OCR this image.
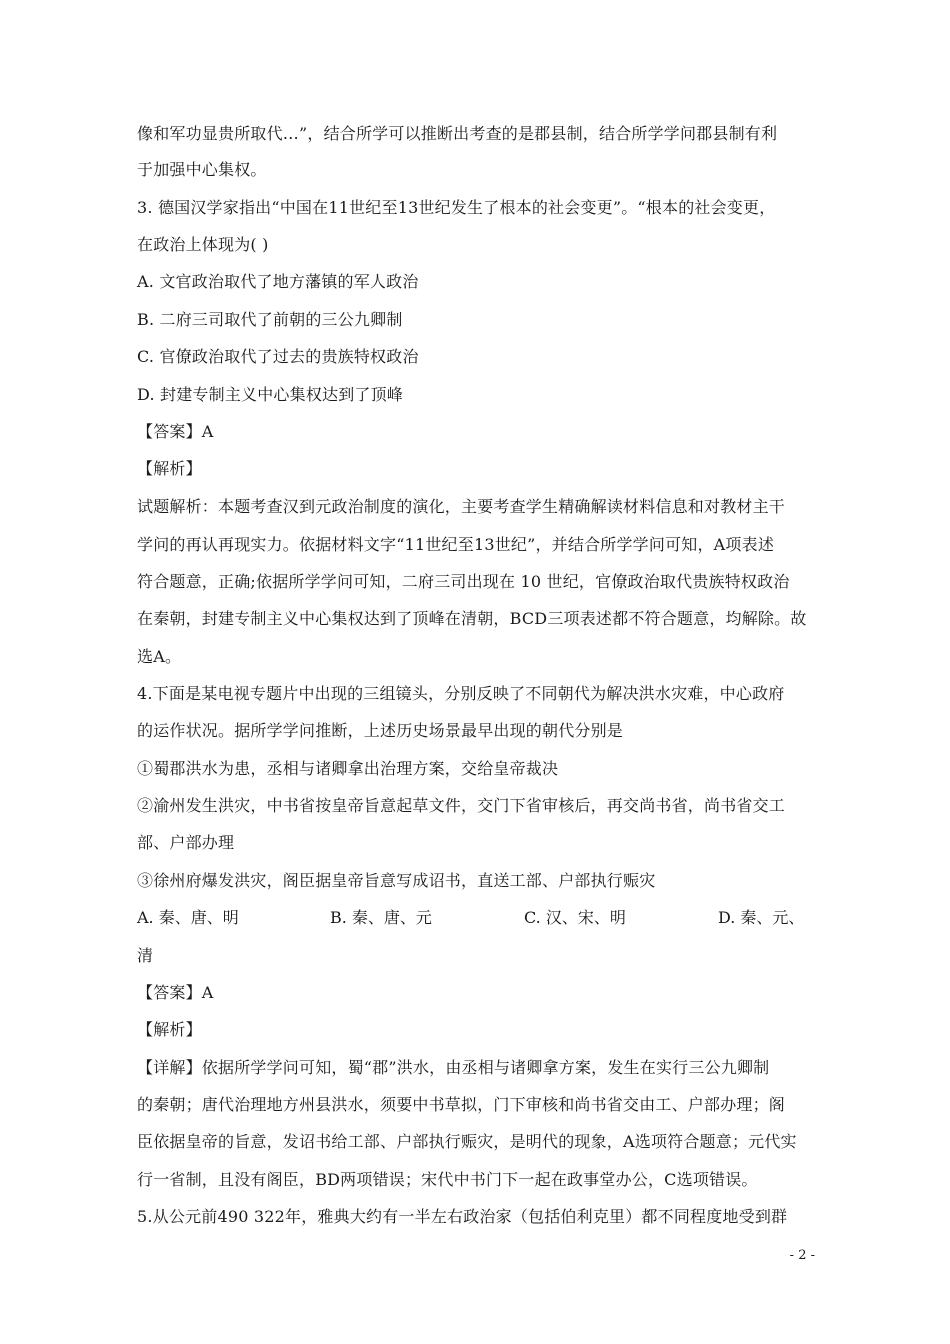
像和军功显贵所取代…”，结合所学可以推断出考查的是郡县制，结合所学学问郡县制有利
于加强中心集权。
3. 德国汉学家指出“中国在11世纪至13世纪发生了根本的社会变更”。“根本的社会变更，
在政治上体现为( )
A. 文官政治取代了地方藩镇的军人政治
B. 二府三司取代了前朝的三公九卿制
C. 官僚政治取代了过去的贵族特权政治
D. 封建专制主义中心集权达到了顶峰
【答案】A
【解析】
试题解析：本题考查汉到元政治制度的演化，主要考查学生精确解读材料信息和对教材主干
学问的再认再现实力。依据材料文字“11世纪至13世纪”，并结合所学学问可知，A项表述
符合题意，正确;依据所学学问可知，二府三司出现在 10 世纪，官僚政治取代贵族特权政治
在秦朝，封建专制主义中心集权达到了顶峰在清朝，BCD三项表述都不符合题意，均解除。故
选A。
4.下面是某电视专题片中出现的三组镜头，分别反映了不同朝代为解决洪水灾难，中心政府
的运作状况。据所学学问推断，上述历史场景最早出现的朝代分别是
①蜀郡洪水为患，丞相与诸卿拿出治理方案，交给皇帝裁决
②渝州发生洪灾，中书省按皇帝旨意起草文件，交门下省审核后，再交尚书省，尚书省交工
部、户部办理
③徐州府爆发洪灾，阁臣据皇帝旨意写成诏书，直送工部、户部执行赈灾
A. 秦、唐、明	B. 秦、唐、元	C. 汉、宋、明	D. 秦、元、
清
【答案】A
【解析】
【详解】依据所学学问可知，蜀“郡”洪水，由丞相与诸卿拿方案，发生在实行三公九卿制
的秦朝；唐代治理地方州县洪水，须要中书草拟，门下审核和尚书省交由工、户部办理；阁
臣依据皇帝的旨意，发诏书给工部、户部执行赈灾，是明代的现象，A选项符合题意；元代实
行一省制，且没有阁臣，BD两项错误；宋代中书门下一起在政事堂办公，C选项错误。
5.从公元前490 322年，雅典大约有一半左右政治家（包括伯利克里）都不同程度地受到群
- 2 -
